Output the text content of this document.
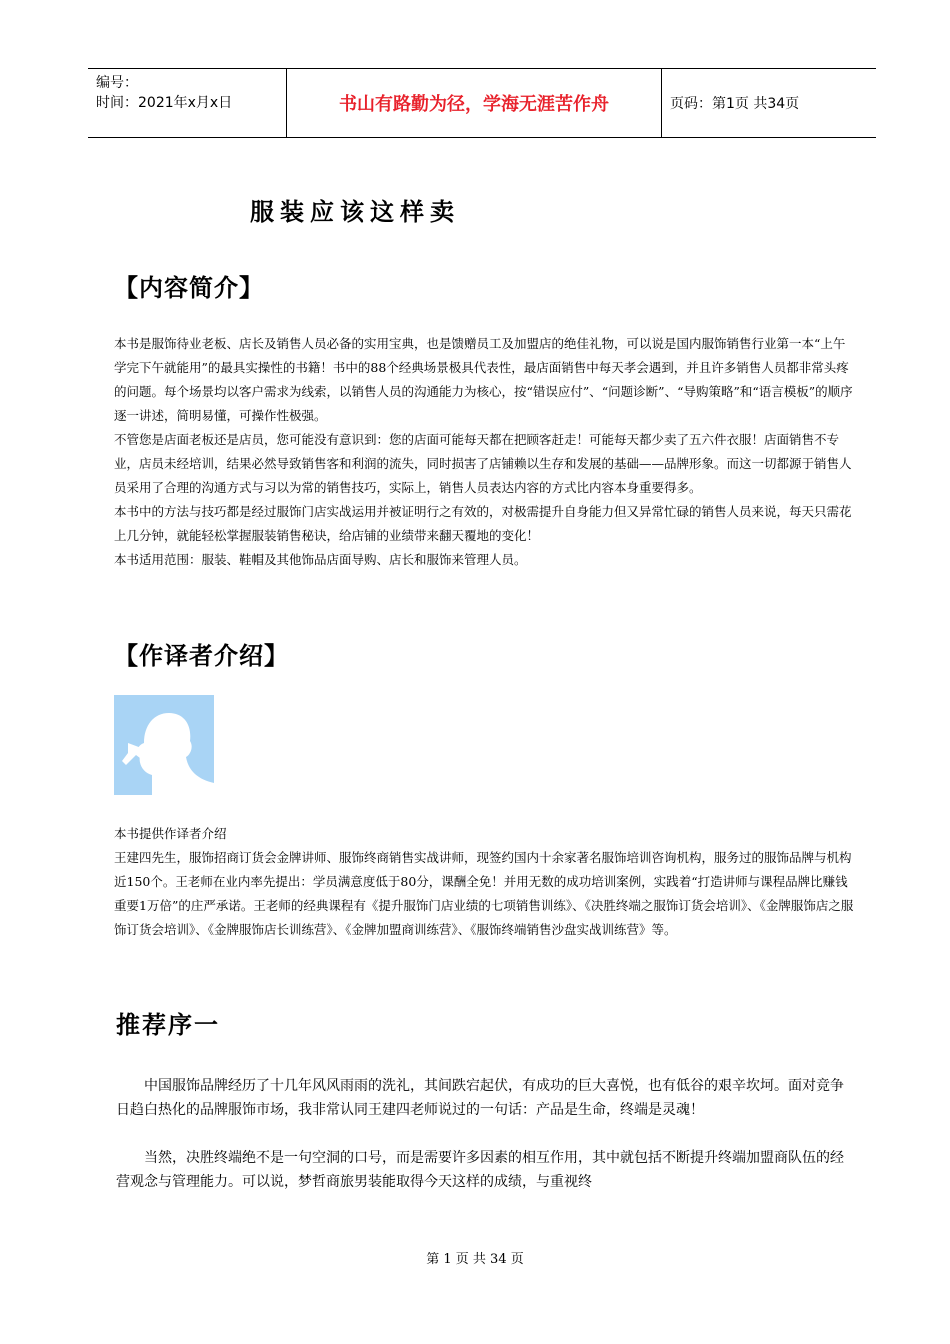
编号：
时间：2021年x月x日	书山有路勤为径，学海无涯苦作舟	页码：第1页 共34页
服装应该这样卖
【内容简介】

本书是服饰待业老板、店长及销售人员必备的实用宝典，也是馈赠员工及加盟店的绝佳礼物，可以说是国内服饰销售行业第一本“上午学完下午就能用”的最具实操性的书籍！书中的88个经典场景极具代表性，最店面销售中每天孝会遇到，并且许多销售人员都非常头疼的问题。每个场景均以客户需求为线索，以销售人员的沟通能力为核心，按“错误应付”、“问题诊断”、“导购策略”和“语言模板”的顺序逐一讲述，简明易懂，可操作性极强。

不管您是店面老板还是店员，您可能没有意识到：您的店面可能每天都在把顾客赶走！可能每天都少卖了五六件衣服！店面销售不专业，店员未经培训，结果必然导致销售客和利润的流失，同时损害了店铺赖以生存和发展的基础——品牌形象。而这一切都源于销售人员采用了合理的沟通方式与习以为常的销售技巧，实际上，销售人员表达内容的方式比内容本身重要得多。

本书中的方法与技巧都是经过服饰门店实战运用并被证明行之有效的，对极需提升自身能力但又异常忙碌的销售人员来说，每天只需花上几分钟，就能轻松掌握服装销售秘诀，给店铺的业绩带来翻天覆地的变化！

本书适用范围：服装、鞋帽及其他饰品店面导购、店长和服饰来管理人员。

【作译者介绍】

本书提供作译者介绍

王建四先生，服饰招商订货会金牌讲师、服饰终商销售实战讲师，现签约国内十余家著名服饰培训咨询机构，服务过的服饰品牌与机构近150个。王老师在业内率先提出：学员满意度低于80分，课酬全免！并用无数的成功培训案例，实践着“打造讲师与课程品牌比赚钱重要1万倍”的庄严承诺。王老师的经典课程有《提升服饰门店业绩的七项销售训练》、《决胜终端之服饰订货会培训》、《金牌服饰店之服饰订货会培训》、《金牌服饰店长训练营》、《金牌加盟商训练营》、《服饰终端销售沙盘实战训练营》等。

推荐序一

中国服饰品牌经历了十几年风风雨雨的洗礼，其间跌宕起伏，有成功的巨大喜悦，也有低谷的艰辛坎坷。面对竞争日趋白热化的品牌服饰市场，我非常认同王建四老师说过的一句话：产品是生命，终端是灵魂！

当然，决胜终端绝不是一句空洞的口号，而是需要许多因素的相互作用，其中就包括不断提升终端加盟商队伍的经营观念与管理能力。可以说，梦哲商旅男装能取得今天这样的成绩，与重视终

第 1 页 共 34 页
